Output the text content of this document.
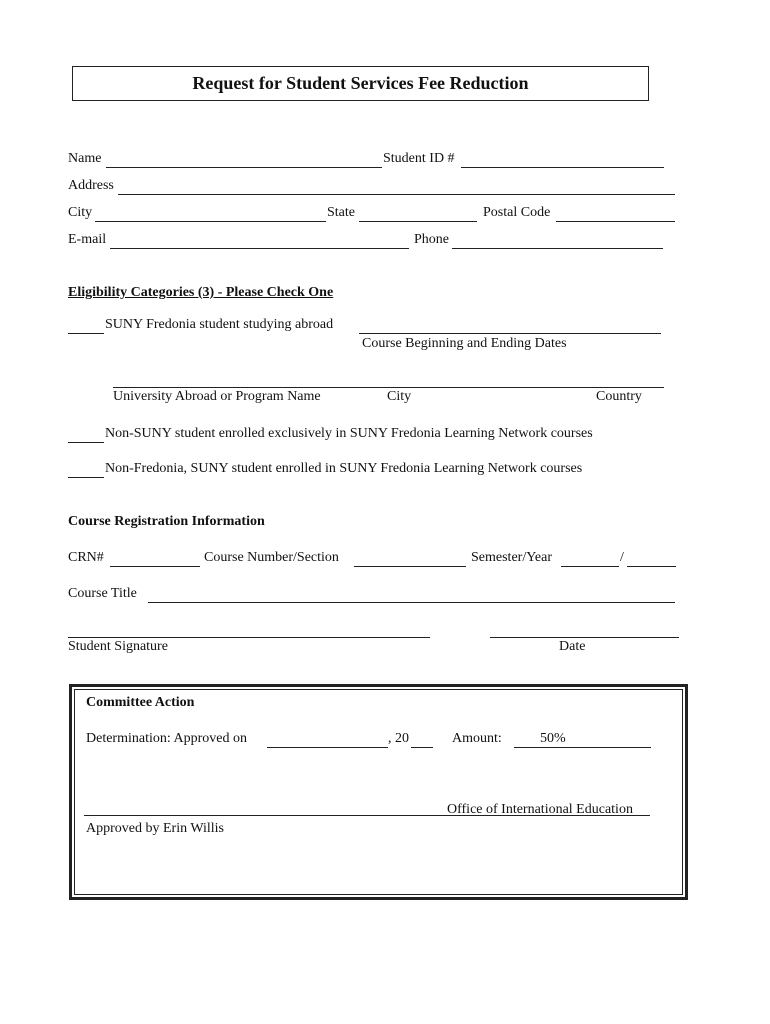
Request for Student Services Fee Reduction
Name	Student ID #
Address
City	State	Postal Code
E-mail	Phone
Eligibility Categories (3) - Please Check One
SUNY Fredonia student studying abroad
Course Beginning and Ending Dates
University Abroad or Program Name	City	Country
Non-SUNY student enrolled exclusively in SUNY Fredonia Learning Network courses
Non-Fredonia, SUNY student enrolled in SUNY Fredonia Learning Network courses
Course Registration Information
CRN#	Course Number/Section	Semester/Year	/
Course Title
Student Signature	Date
Committee Action
Determination: Approved on	, 20	Amount:	50%
Office of International Education
Approved by Erin Willis
